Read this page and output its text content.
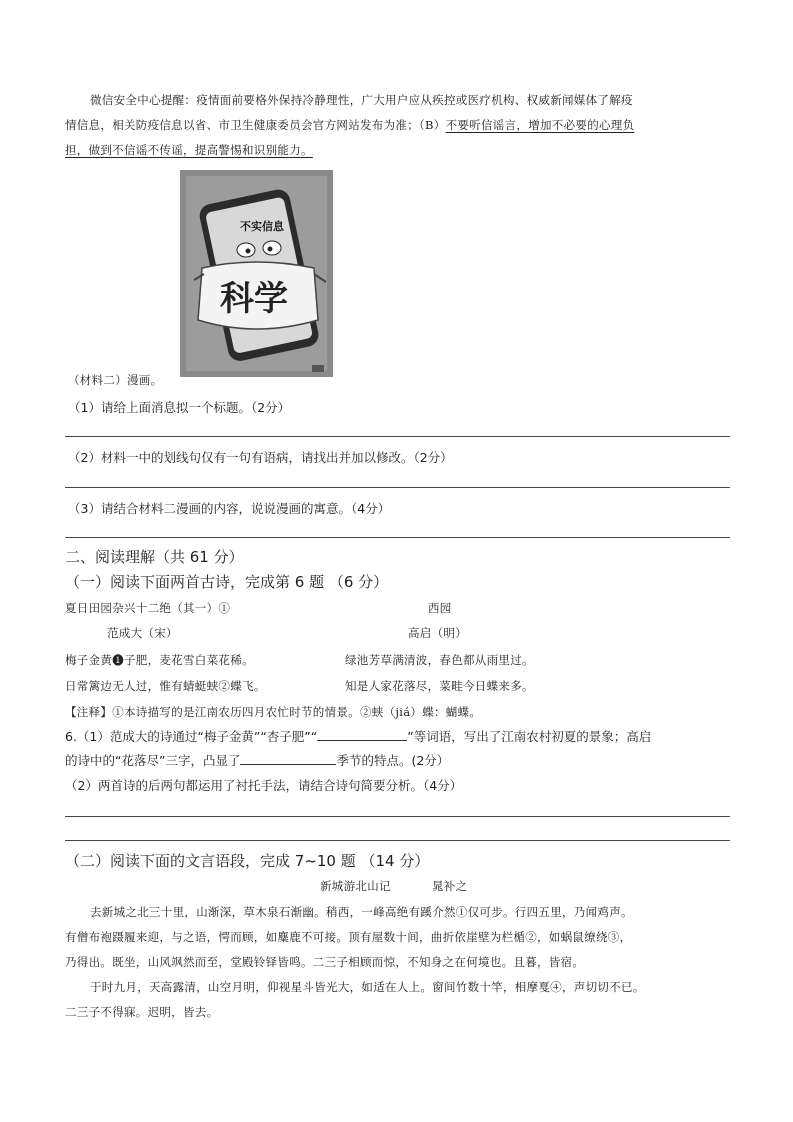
微信安全中心提醒：疫情面前要格外保持冷静理性，广大用户应从疾控或医疗机构、权威新闻媒体了解疫
情信息，相关防疫信息以省、市卫生健康委员会官方网站发布为准；（B）不要听信谣言，增加不必要的心理负
担，做到不信谣不传谣，提高警惕和识别能力。
不实信息
科学
（材料二）漫画。
（1）请给上面消息拟一个标题。（2分）
（2）材料一中的划线句仅有一句有语病，请找出并加以修改。（2分）
（3）请结合材料二漫画的内容，说说漫画的寓意。（4分）
二、阅读理解（共 61 分）
（一）阅读下面两首古诗，完成第 6 题 （6 分）
夏日田园杂兴十二绝（其一）①	西园
范成大（宋）	高启（明）
梅子金黄❶子肥，麦花雪白菜花稀。	绿池芳草满清波，春色都从雨里过。
日常篱边无人过，惟有蜻蜓蛱②蝶飞。	知是人家花落尽，菜畦今日蝶来多。
【注释】①本诗描写的是江南农历四月农忙时节的情景。②蛱（jiá）蝶：蝴蝶。
6.（1）范成大的诗通过“梅子金黄”“杏子肥”“	”等词语，写出了江南农村初夏的景象；高启
的诗中的“花落尽”三字，凸显了	季节的特点。(2分）
（2）两首诗的后两句都运用了衬托手法，请结合诗句简要分析。（4分）
（二）阅读下面的文言语段，完成 7~10 题 （14 分）
新城游北山记	晁补之
去新城之北三十里，山渐深，草木泉石渐幽。稍西，一峰高绝有蹊介然①仅可步。行四五里，乃闻鸡声。
有僧布袍蹑履来迎，与之语，愕而顾，如麋鹿不可接。顶有屋数十间，曲折依崖壁为栏楯②，如蜗鼠缭绕③，
乃得出。既坐，山风飒然而至，堂殿铃铎皆鸣。二三子相顾而惊，不知身之在何境也。且暮，皆宿。
于时九月，天高露清，山空月明，仰视星斗皆光大，如适在人上。窗间竹数十竿，相摩戛④，声切切不已。
二三子不得寐。迟明，皆去。
